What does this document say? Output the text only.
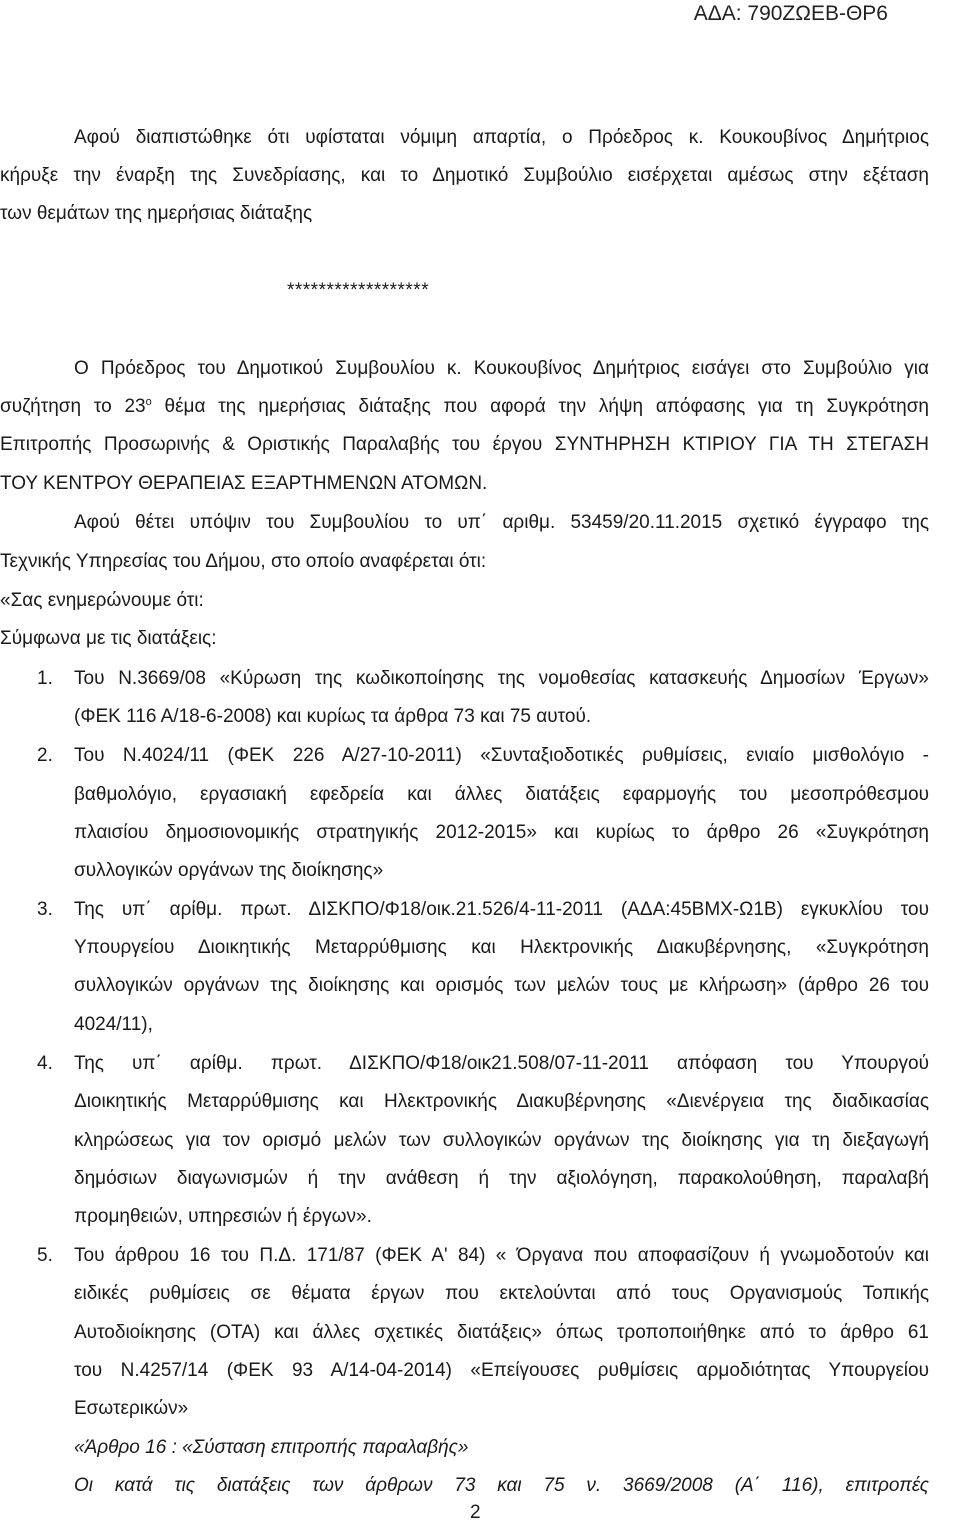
ΑΔΑ: 790ΖΩΕΒ-ΘΡ6
Αφού διαπιστώθηκε ότι υφίσταται νόμιμη απαρτία, ο Πρόεδρος κ. Κουκουβίνος Δημήτριος
κήρυξε την έναρξη της Συνεδρίασης, και το Δημοτικό Συμβούλιο εισέρχεται αμέσως στην εξέταση
των θεμάτων της ημερήσιας διάταξης
******************
Ο Πρόεδρος του Δημοτικού Συμβουλίου κ. Κουκουβίνος Δημήτριος εισάγει στο Συμβούλιο για
συζήτηση το $23^o$ θέμα της ημερήσιας διάταξης που αφορά την λήψη απόφασης για τη Συγκρότηση
Επιτροπής Προσωρινής & Οριστικής Παραλαβής του έργου ΣΥΝΤΗΡΗΣΗ ΚΤΙΡΙΟΥ ΓΙΑ ΤΗ ΣΤΕΓΑΣΗ
ΤΟΥ ΚΕΝΤΡΟΥ ΘΕΡΑΠΕΙΑΣ ΕΞΑΡΤΗΜΕΝΩΝ ΑΤΟΜΩΝ.
Αφού θέτει υπόψιν του Συμβουλίου το υπ΄ αριθμ. 53459/20.11.2015 σχετικό έγγραφο της
Τεχνικής Υπηρεσίας του Δήμου, στο οποίο αναφέρεται ότι:
«Σας ενημερώνουμε ότι:
Σύμφωνα με τις διατάξεις:
1. Του Ν.3669/08 «Κύρωση της κωδικοποίησης της νομοθεσίας κατασκευής Δημοσίων Έργων»
(ΦΕΚ 116 Α/18-6-2008) και κυρίως τα άρθρα 73 και 75 αυτού.
2. Του Ν.4024/11 (ΦΕΚ 226 Α/27-10-2011) «Συνταξιοδοτικές ρυθμίσεις, ενιαίο μισθολόγιο -
βαθμολόγιο, εργασιακή εφεδρεία και άλλες διατάξεις εφαρμογής του μεσοπρόθεσμου
πλαισίου δημοσιονομικής στρατηγικής 2012-2015» και κυρίως το άρθρο 26 «Συγκρότηση
συλλογικών οργάνων της διοίκησης»
3. Της υπ΄ αρίθμ. πρωτ. ΔΙΣΚΠΟ/Φ18/οικ.21.526/4-11-2011 (ΑΔΑ:45ΒΜΧ-Ω1Β) εγκυκλίου του
Υπουργείου Διοικητικής Μεταρρύθμισης και Ηλεκτρονικής Διακυβέρνησης, «Συγκρότηση
συλλογικών οργάνων της διοίκησης και ορισμός των μελών τους με κλήρωση» (άρθρο 26 του
4024/11),
4. Της υπ΄ αρίθμ. πρωτ. ΔΙΣΚΠΟ/Φ18/οικ21.508/07-11-2011 απόφαση του Υπουργού
Διοικητικής Μεταρρύθμισης και Ηλεκτρονικής Διακυβέρνησης «Διενέργεια της διαδικασίας
κληρώσεως για τον ορισμό μελών των συλλογικών οργάνων της διοίκησης για τη διεξαγωγή
δημόσιων διαγωνισμών ή την ανάθεση ή την αξιολόγηση, παρακολούθηση, παραλαβή
προμηθειών, υπηρεσιών ή έργων».
5. Του άρθρου 16 του Π.Δ. 171/87 (ΦΕΚ Α' 84) « Όργανα που αποφασίζουν ή γνωμοδοτούν και
ειδικές ρυθμίσεις σε θέματα έργων που εκτελούνται από τους Οργανισμούς Τοπικής
Αυτοδιοίκησης (ΟΤΑ) και άλλες σχετικές διατάξεις» όπως τροποποιήθηκε από το άρθρο 61
του Ν.4257/14 (ΦΕΚ 93 Α/14-04-2014) «Επείγουσες ρυθμίσεις αρμοδιότητας Υπουργείου
Εσωτερικών»
«Άρθρο 16 : «Σύσταση επιτροπής παραλαβής»
Οι κατά τις διατάξεις των άρθρων 73 και 75 ν. 3669/2008 (Α΄ 116), επιτροπές
2
